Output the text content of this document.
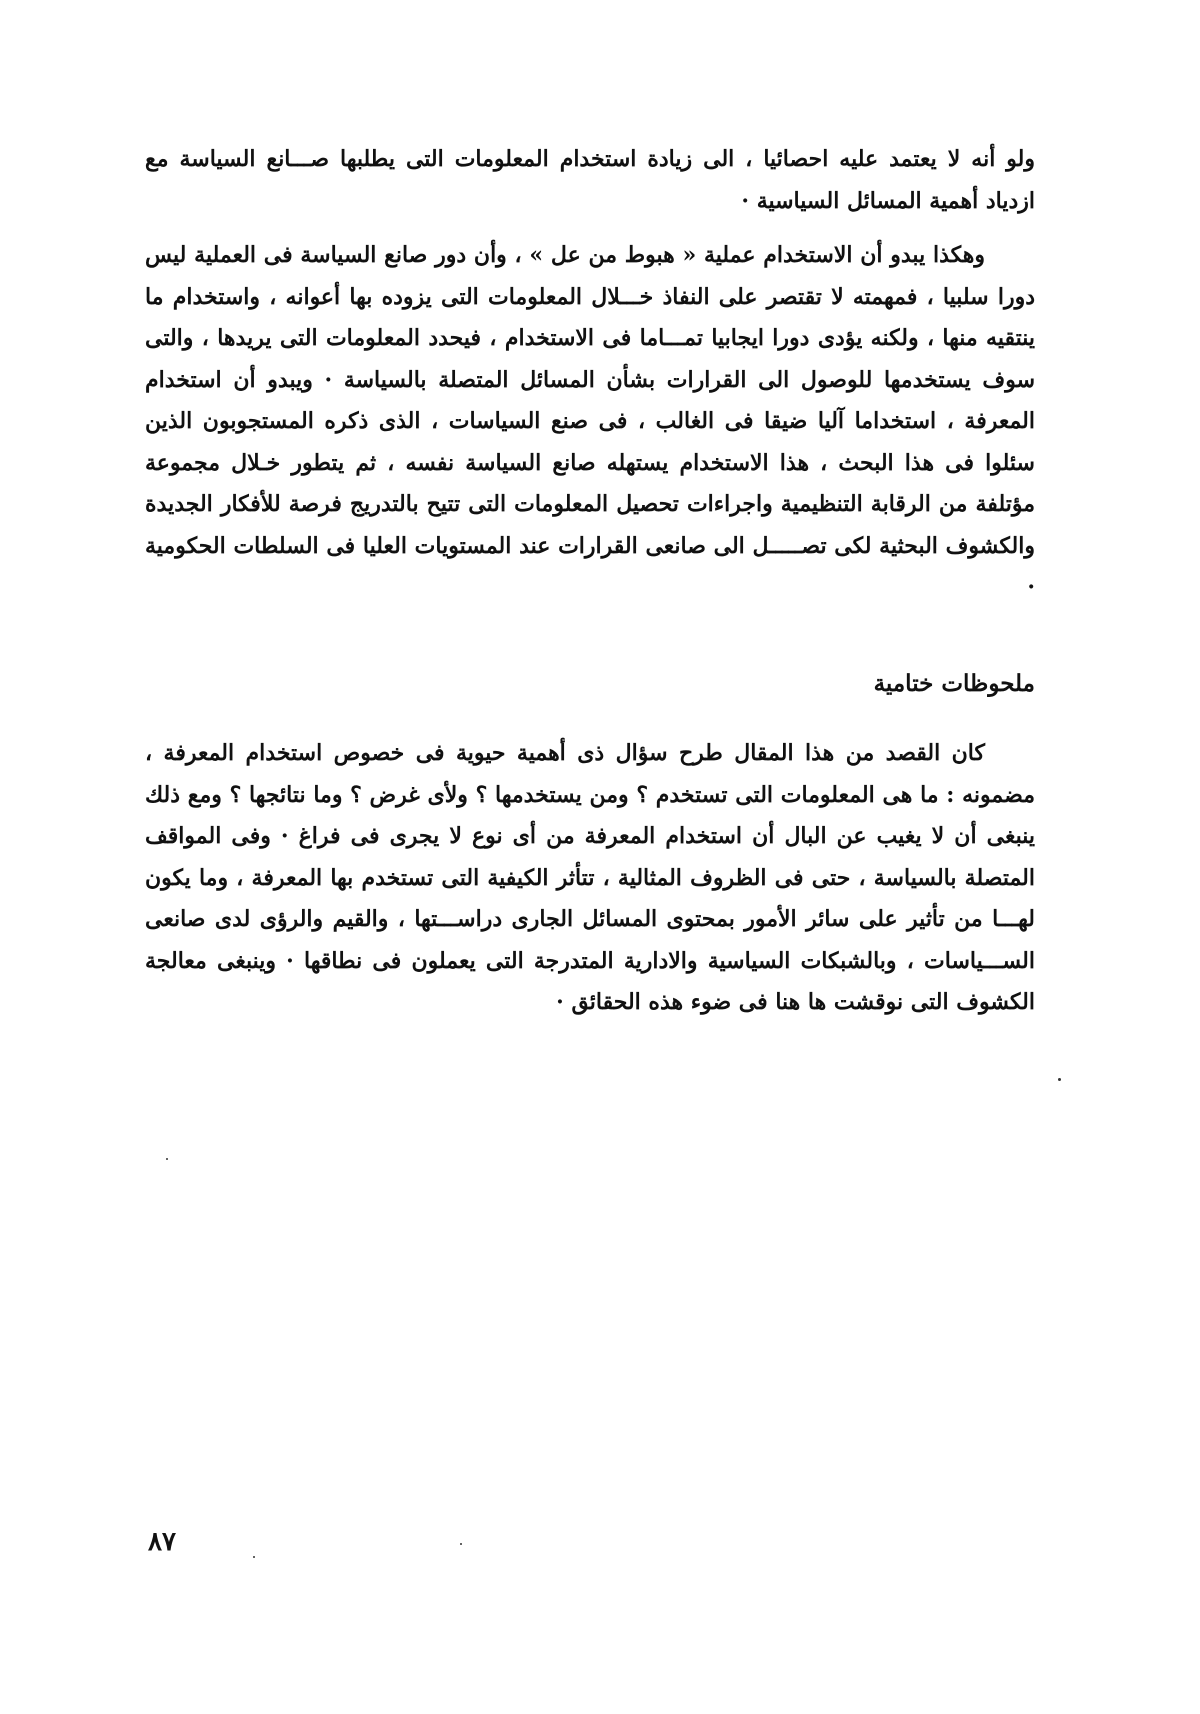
ولو أنه لا يعتمد عليه احصائيا ، الى زيادة استخدام المعلومات التى يطلبها صـــانع السياسة مع ازدياد أهمية المسائل السياسية ·

وهكذا يبدو أن الاستخدام عملية « هبوط من عل » ، وأن دور صانع السياسة فى العملية ليس دورا سلبيا ، فمهمته لا تقتصر على النفاذ خـــلال المعلومات التى يزوده بها أعوانه ، واستخدام ما ينتقيه منها ، ولكنه يؤدى دورا ايجابيا تمـــاما فى الاستخدام ، فيحدد المعلومات التى يريدها ، والتى سوف يستخدمها للوصول الى القرارات بشأن المسائل المتصلة بالسياسة · ويبدو أن استخدام المعرفة ، استخداما آليا ضيقا فى الغالب ، فى صنع السياسات ، الذى ذكره المستجوبون الذين سئلوا فى هذا البحث ، هذا الاستخدام يستهله صانع السياسة نفسه ، ثم يتطور خـلال مجموعة مؤتلفة من الرقابة التنظيمية واجراءات تحصيل المعلومات التى تتيح بالتدريج فرصة للأفكار الجديدة والكشوف البحثية لكى تصـــــل الى صانعى القرارات عند المستويات العليا فى السلطات الحكومية ·

ملحوظات ختامية

كان القصد من هذا المقال طرح سؤال ذى أهمية حيوية فى خصوص استخدام المعرفة ، مضمونه : ما هى المعلومات التى تستخدم ؟ ومن يستخدمها ؟ ولأى غرض ؟ وما نتائجها ؟ ومع ذلك ينبغى أن لا يغيب عن البال أن استخدام المعرفة من أى نوع لا يجرى فى فراغ · وفى المواقف المتصلة بالسياسة ، حتى فى الظروف المثالية ، تتأثر الكيفية التى تستخدم بها المعرفة ، وما يكون لهـــا من تأثير على سائر الأمور بمحتوى المسائل الجارى دراســـتها ، والقيم والرؤى لدى صانعى الســـياسات ، وبالشبكات السياسية والادارية المتدرجة التى يعملون فى نطاقها · وينبغى معالجة الكشوف التى نوقشت ها هنا فى ضوء هذه الحقائق ·

٨٧
